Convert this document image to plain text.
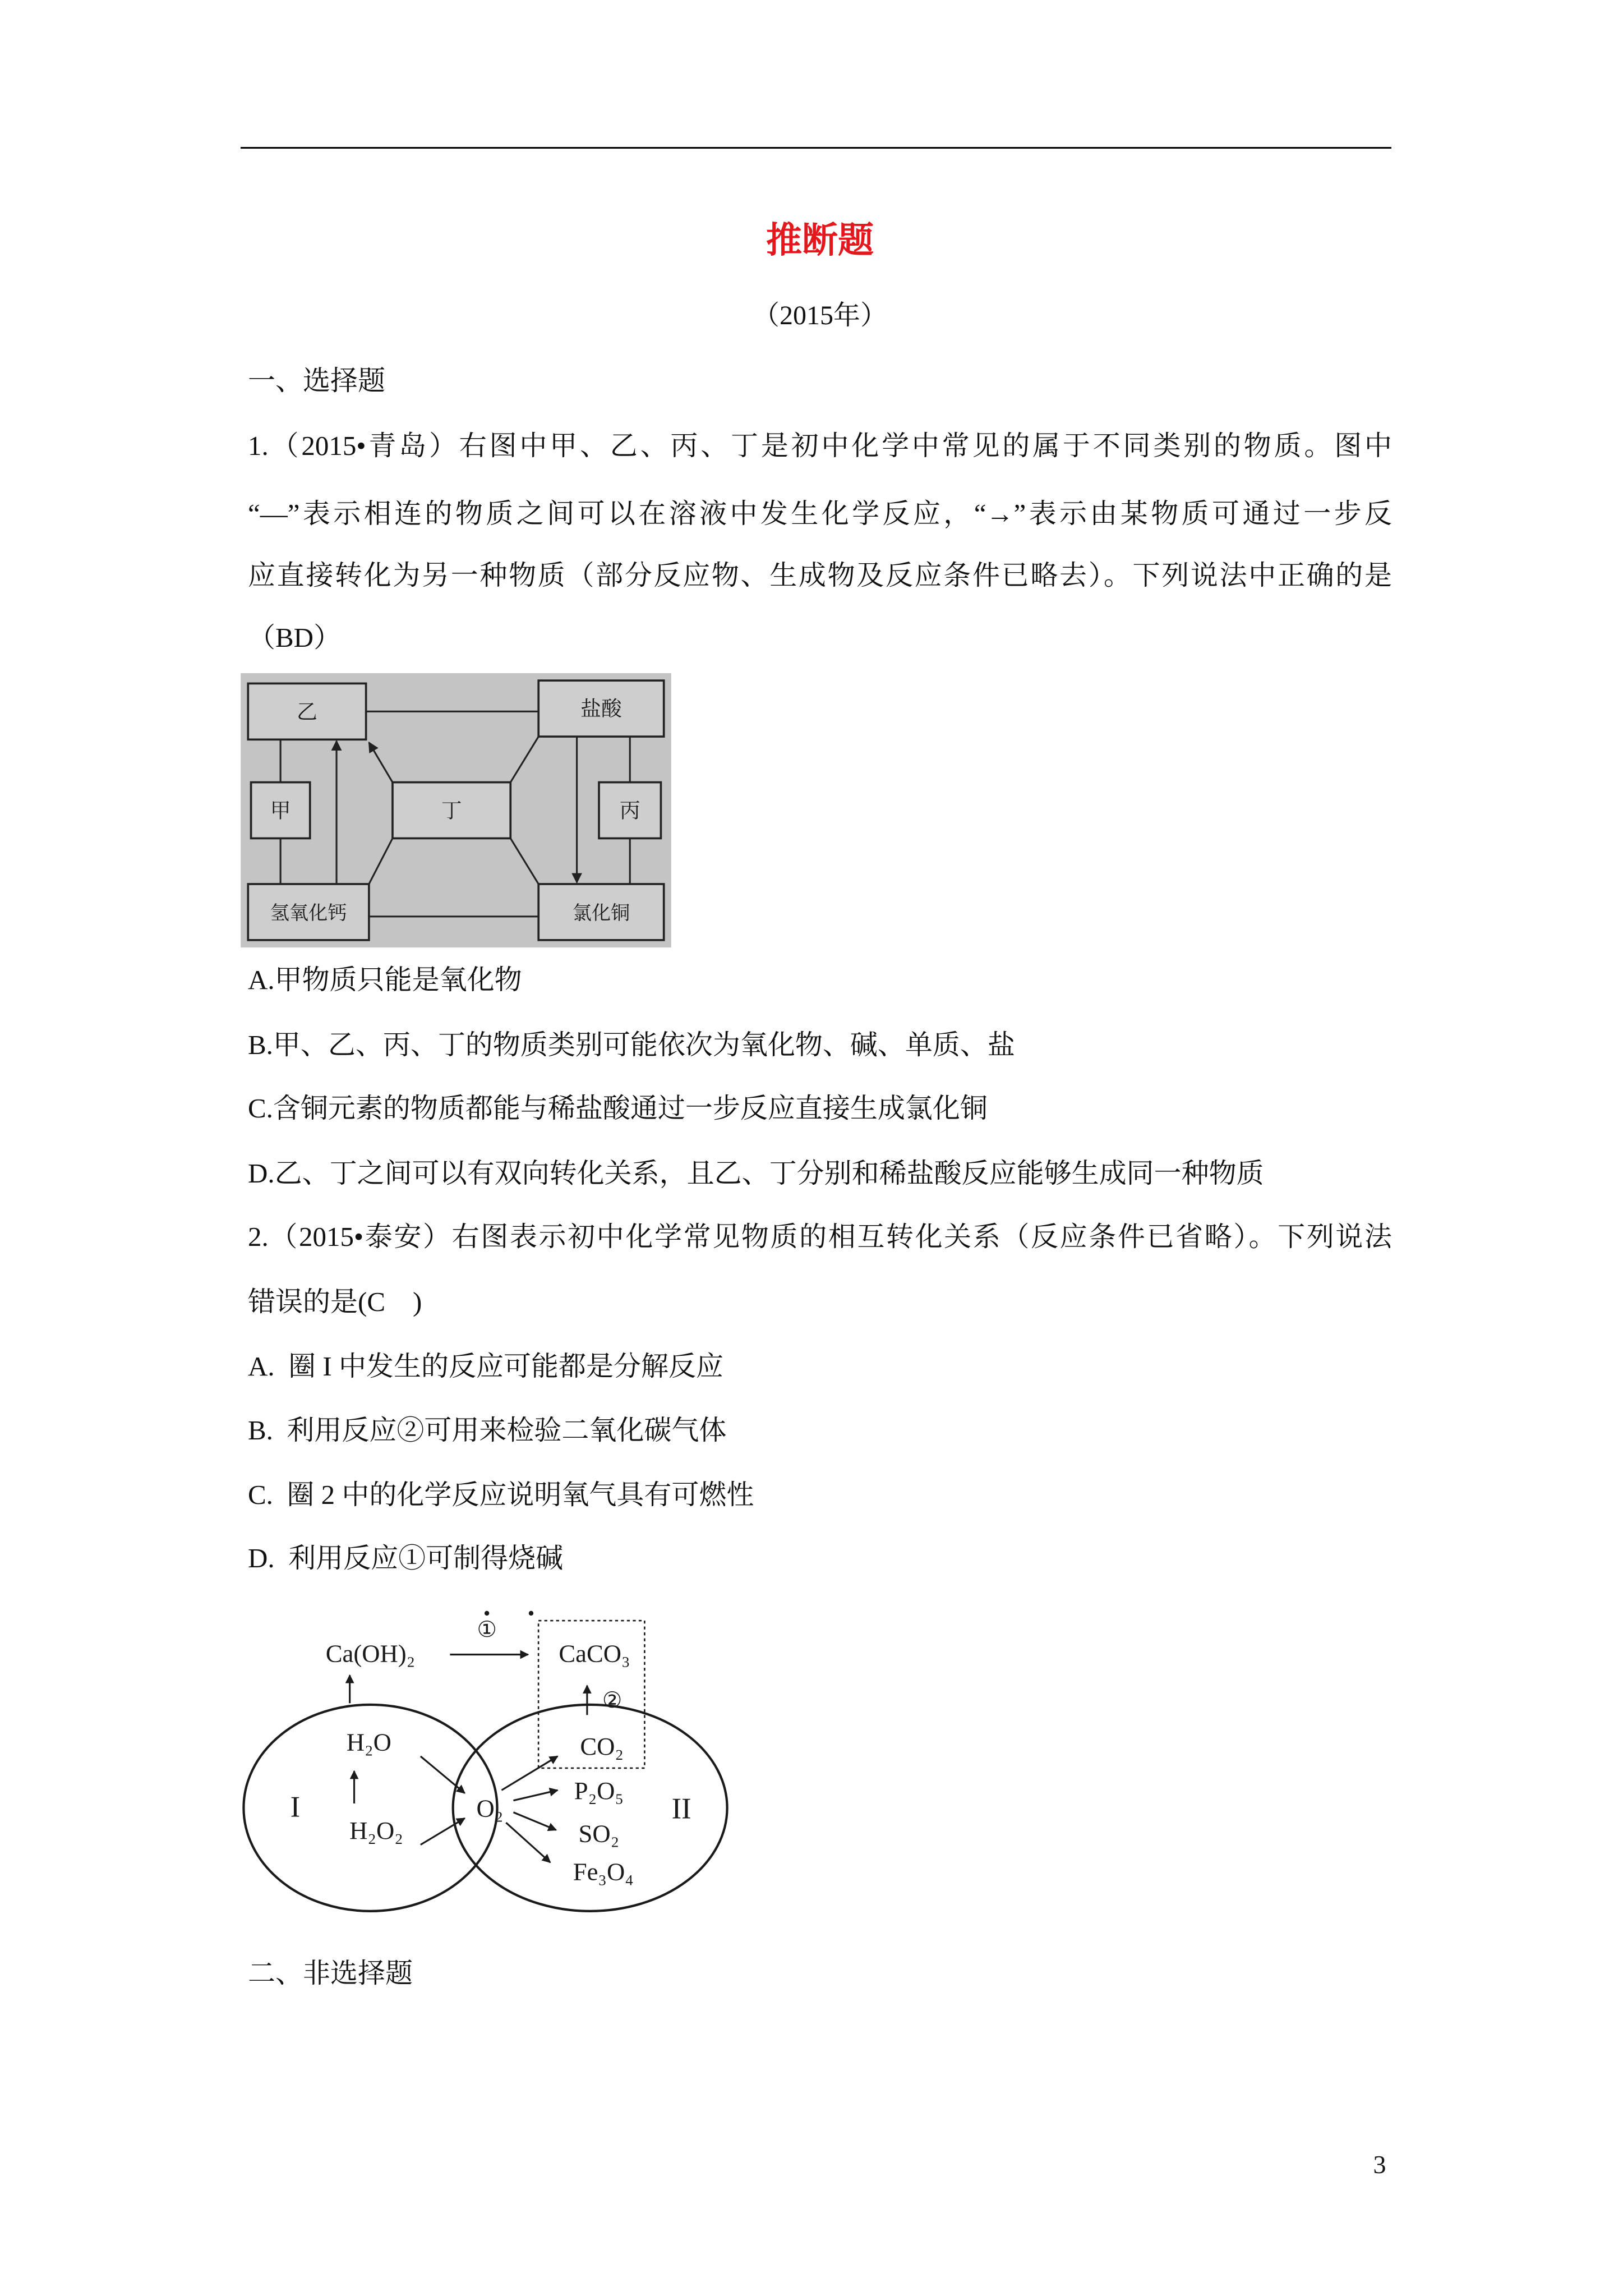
推断题
（2015年）
一、选择题
1.（2015•青岛）右图中甲、乙、丙、丁是初中化学中常见的属于不同类别的物质。图中
“—”表示相连的物质之间可以在溶液中发生化学反应，“→”表示由某物质可通过一步反
应直接转化为另一种物质（部分反应物、生成物及反应条件已略去）。下列说法中正确的是
（BD）
乙	盐酸
甲	丁	丙
氢氧化钙	氯化铜
A.甲物质只能是氧化物
B.甲、乙、丙、丁的物质类别可能依次为氧化物、碱、单质、盐
C.含铜元素的物质都能与稀盐酸通过一步反应直接生成氯化铜
D.乙、丁之间可以有双向转化关系，且乙、丁分别和稀盐酸反应能够生成同一种物质
2.（2015•泰安）右图表示初中化学常见物质的相互转化关系（反应条件已省略）。下列说法
错误的是(C　)
A.  圈 I 中发生的反应可能都是分解反应
B.  利用反应②可用来检验二氧化碳气体
C.  圈 2 中的化学反应说明氧气具有可燃性
D.  利用反应①可制得烧碱
Ca(OH)₂
①
CaCO₃
②
H₂O
H₂O₂
O₂
CO₂
P₂O₅
SO₂
Fe₃O₄
I	II
二、非选择题
3
